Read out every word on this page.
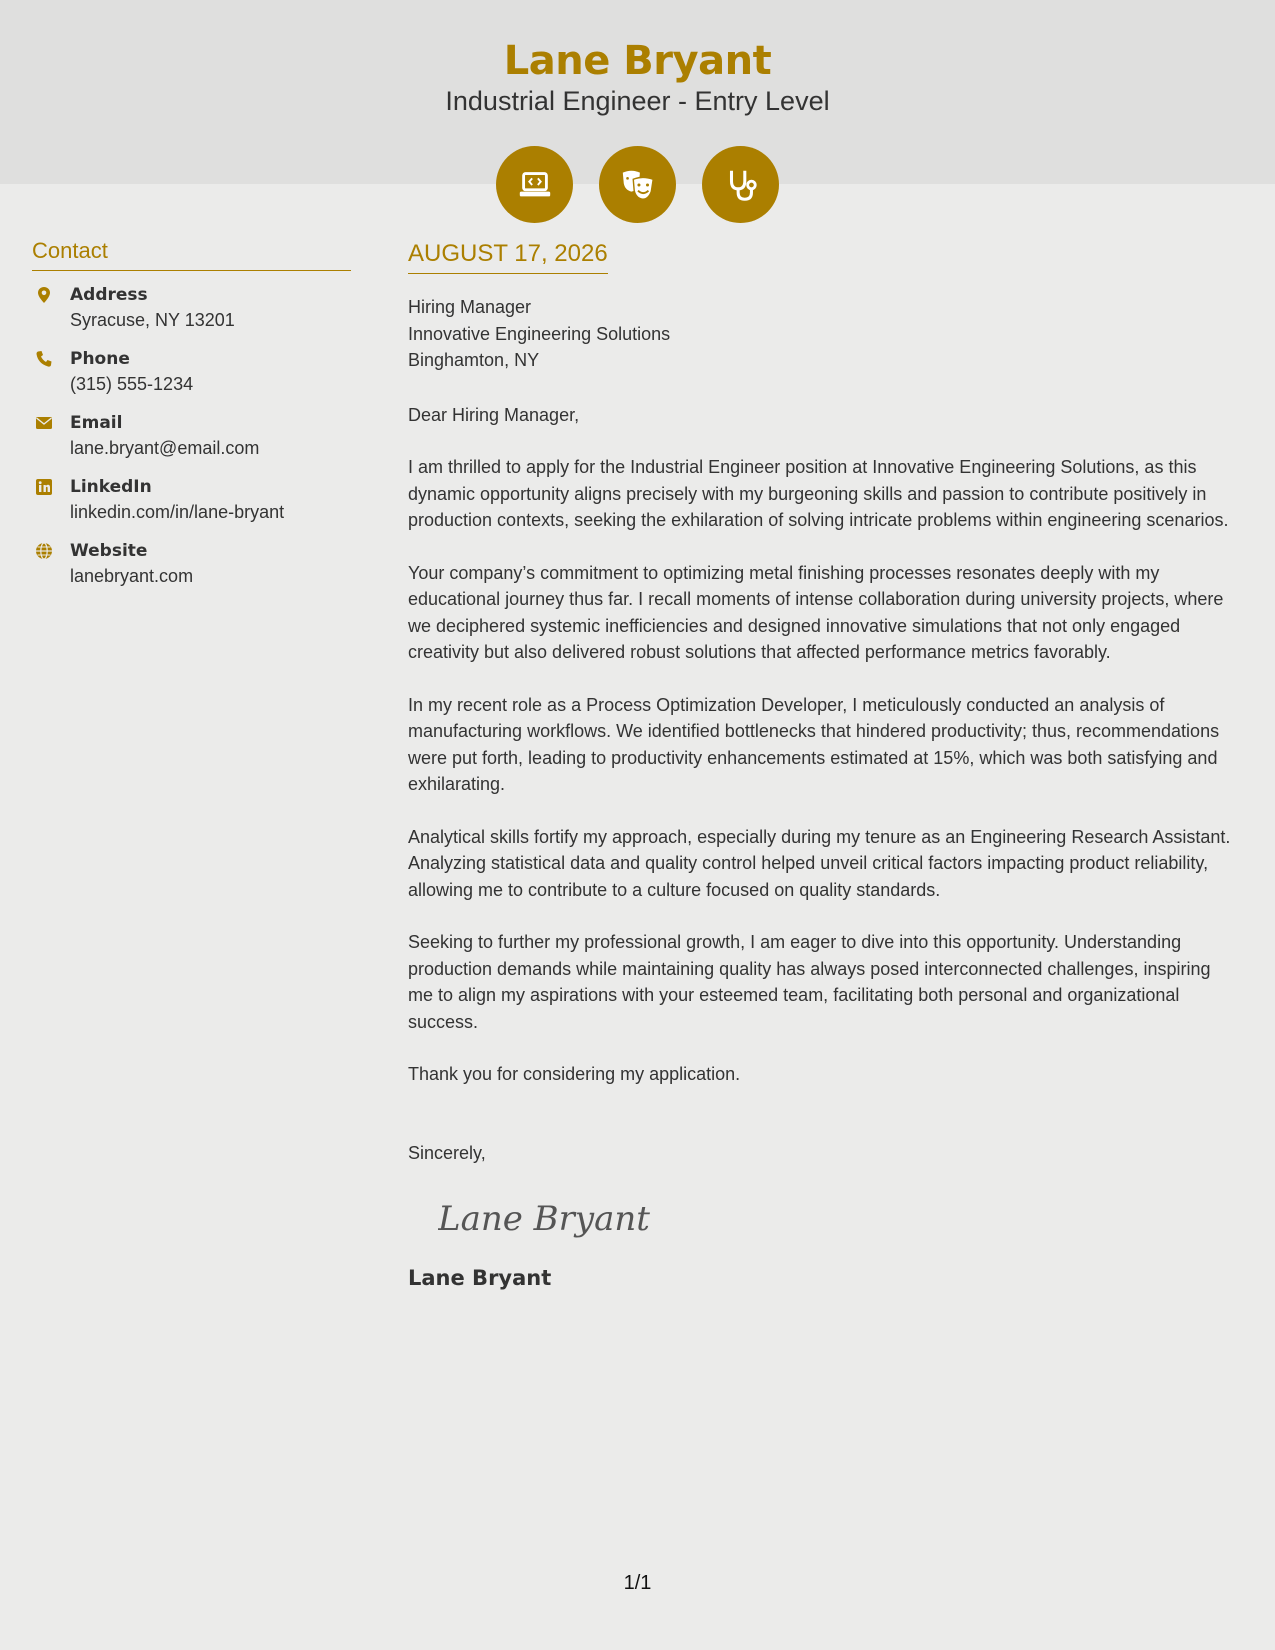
Lane Bryant
Industrial Engineer - Entry Level
Contact
Address
Syracuse, NY 13201
Phone
(315) 555-1234
Email
lane.bryant@email.com
LinkedIn
linkedin.com/in/lane-bryant
Website
lanebryant.com
AUGUST 17, 2026

Hiring Manager

Innovative Engineering Solutions

Binghamton, NY

Dear Hiring Manager,

I am thrilled to apply for the Industrial Engineer position at Innovative Engineering Solutions, as this dynamic opportunity aligns precisely with my burgeoning skills and passion to contribute positively in production contexts, seeking the exhilaration of solving intricate problems within engineering scenarios.

Your company’s commitment to optimizing metal finishing processes resonates deeply with my educational journey thus far. I recall moments of intense collaboration during university projects, where we deciphered systemic inefficiencies and designed innovative simulations that not only engaged creativity but also delivered robust solutions that affected performance metrics favorably.

In my recent role as a Process Optimization Developer, I meticulously conducted an analysis of manufacturing workflows. We identified bottlenecks that hindered productivity; thus, recommendations were put forth, leading to productivity enhancements estimated at 15%, which was both satisfying and exhilarating.

Analytical skills fortify my approach, especially during my tenure as an Engineering Research Assistant. Analyzing statistical data and quality control helped unveil critical factors impacting product reliability, allowing me to contribute to a culture focused on quality standards.

Seeking to further my professional growth, I am eager to dive into this opportunity. Understanding production demands while maintaining quality has always posed interconnected challenges, inspiring me to align my aspirations with your esteemed team, facilitating both personal and organizational success.

Thank you for considering my application.

Sincerely,

Lane Bryant
Lane Bryant
1/1
